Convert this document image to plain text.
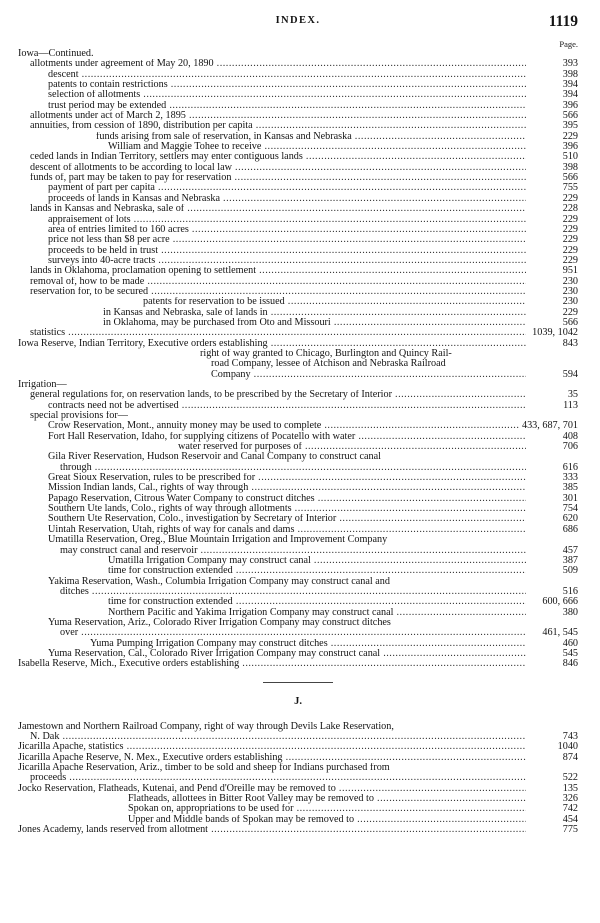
INDEX.	1119
Page.
Iowa—Continued.
allotments under agreement of May 20, 1890 .....	393
descent .....	398
patents to contain restrictions .....	394
selection of allotments .....	394
trust period may be extended .....	396
allotments under act of March 2, 1895 .....	566
annuities, from cession of 1890, distribution per capita .....	395
funds arising from sale of reservation, in Kansas and Nebraska .....	229
William and Maggie Tohee to receive .....	396
ceded lands in Indian Territory, settlers may enter contiguous lands .....	510
descent of allotments to be according to local law .....	398
funds of, part may be taken to pay for reservation .....	566
payment of part per capita .....	755
proceeds of lands in Kansas and Nebraska .....	229
lands in Kansas and Nebraska, sale of .....	228
appraisement of lots .....	229
area of entries limited to 160 acres .....	229
price not less than $8 per acre .....	229
proceeds to be held in trust .....	229
surveys into 40-acre tracts .....	229
lands in Oklahoma, proclamation opening to settlement .....	951
removal of, how to be made .....	230
reservation for, to be secured .....	230
patents for reservation to be issued .....	230
in Kansas and Nebraska, sale of lands in .....	229
in Oklahoma, may be purchased from Oto and Missouri .....	566
statistics .....	1039, 1042
Iowa Reserve, Indian Territory, Executive orders establishing .....	843
right of way granted to Chicago, Burlington and Quincy Rail-
road Company, lessee of Atchison and Nebraska Railroad
Company .....	594
Irrigation—
general regulations for, on reservation lands, to be prescribed by the Secretary of Interior .....	35
contracts need not be advertised .....	113
special provisions for—
Crow Reservation, Mont., annuity money may be used to complete .....	433, 687, 701
Fort Hall Reservation, Idaho, for supplying citizens of Pocatello with water .....	408
water reserved for purposes of .....	706
Gila River Reservation, Hudson Reservoir and Canal Company to construct canal
through .....	616
Great Sioux Reservation, rules to be prescribed for .....	333
Mission Indian lands, Cal., rights of way through .....	385
Papago Reservation, Citrous Water Company to construct ditches .....	301
Southern Ute lands, Colo., rights of way through allotments .....	754
Southern Ute Reservation, Colo., investigation by Secretary of Interior .....	620
Uintah Reservation, Utah, rights of way for canals and dams .....	686
Umatilla Reservation, Oreg., Blue Mountain Irrigation and Improvement Company
may construct canal and reservoir .....	457
Umatilla Irrigation Company may construct canal .....	387
time for construction extended .....	509
Yakima Reservation, Wash., Columbia Irrigation Company may construct canal and
ditches .....	516
time for construction extended .....	600, 666
Northern Pacific and Yakima Irrigation Company may construct canal .....	380
Yuma Reservation, Ariz., Colorado River Irrigation Company may construct ditches
over .....	461, 545
Yuma Pumping Irrigation Company may construct ditches .....	460
Yuma Reservation, Cal., Colorado River Irrigation Company may construct canal .....	545
Isabella Reserve, Mich., Executive orders establishing .....	846
J.
Jamestown and Northern Railroad Company, right of way through Devils Lake Reservation,
N. Dak .....	743
Jicarilla Apache, statistics .....	1040
Jicarilla Apache Reserve, N. Mex., Executive orders establishing .....	874
Jicarilla Apache Reservation, Ariz., timber to be sold and sheep for Indians purchased from
proceeds .....	522
Jocko Reservation, Flatheads, Kutenai, and Pend d'Oreille may be removed to .....	135
Flatheads, allottees in Bitter Root Valley may be removed to .....	326
Spokan on, appropriations to be used for .....	742
Upper and Middle bands of Spokan may be removed to .....	454
Jones Academy, lands reserved from allotment .....	775
